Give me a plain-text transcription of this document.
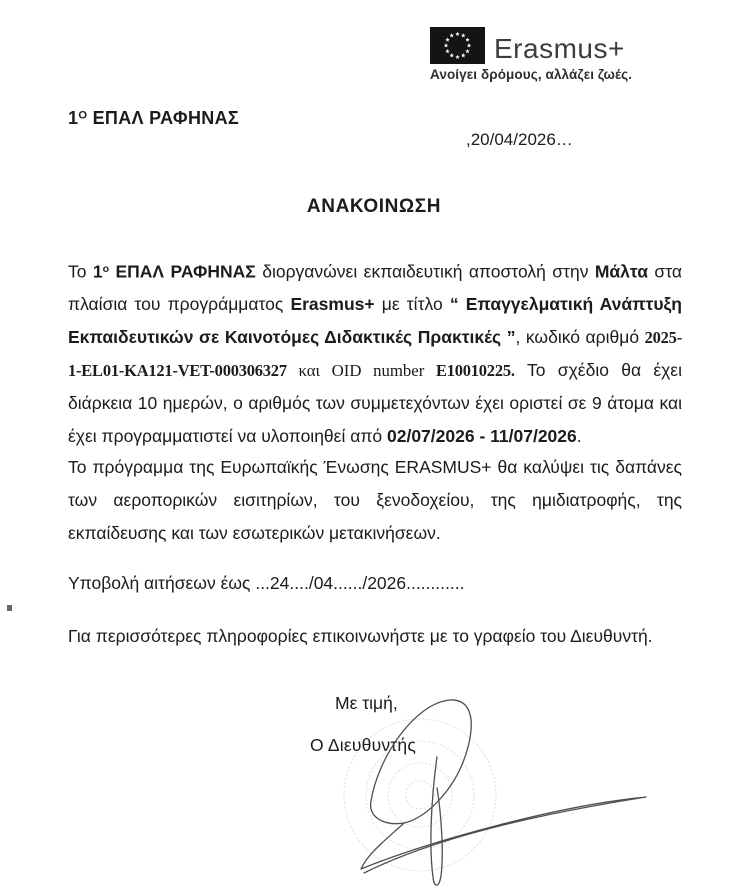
Erasmus+
Ανοίγει δρόμους, αλλάζει ζωές.
$1^O$ ΕΠΑΛ ΡΑΦΗΝΑΣ
,20/04/2026…
ΑΝΑΚΟΙΝΩΣΗ
Το $1^o$ ΕΠΑΛ ΡΑΦΗΝΑΣ διοργανώνει εκπαιδευτική αποστολή στην Μάλτα στα πλαίσια του προγράμματος Erasmus+ με τίτλο “ Επαγγελματική Ανάπτυξη Εκπαιδευτικών σε Καινοτόμες Διδακτικές Πρακτικές ”, κωδικό αριθμό 2025-1-EL01-KA121-VET-000306327 και OID number E10010225. Το σχέδιο θα έχει διάρκεια 10 ημερών, ο αριθμός των συμμετεχόντων έχει οριστεί σε 9 άτομα και έχει προγραμματιστεί να υλοποιηθεί από 02/07/2026 - 11/07/2026.
Το πρόγραμμα της Ευρωπαϊκής Ένωσης ERASMUS+ θα καλύψει τις δαπάνες των αεροπορικών εισιτηρίων, του ξενοδοχείου, της ημιδιατροφής, της εκπαίδευσης και των εσωτερικών μετακινήσεων.
Υποβολή αιτήσεων έως ...24..../04....../2026............
Για περισσότερες πληροφορίες επικοινωνήστε με το γραφείο του Διευθυντή.
Με τιμή,
Ο Διευθυντής
